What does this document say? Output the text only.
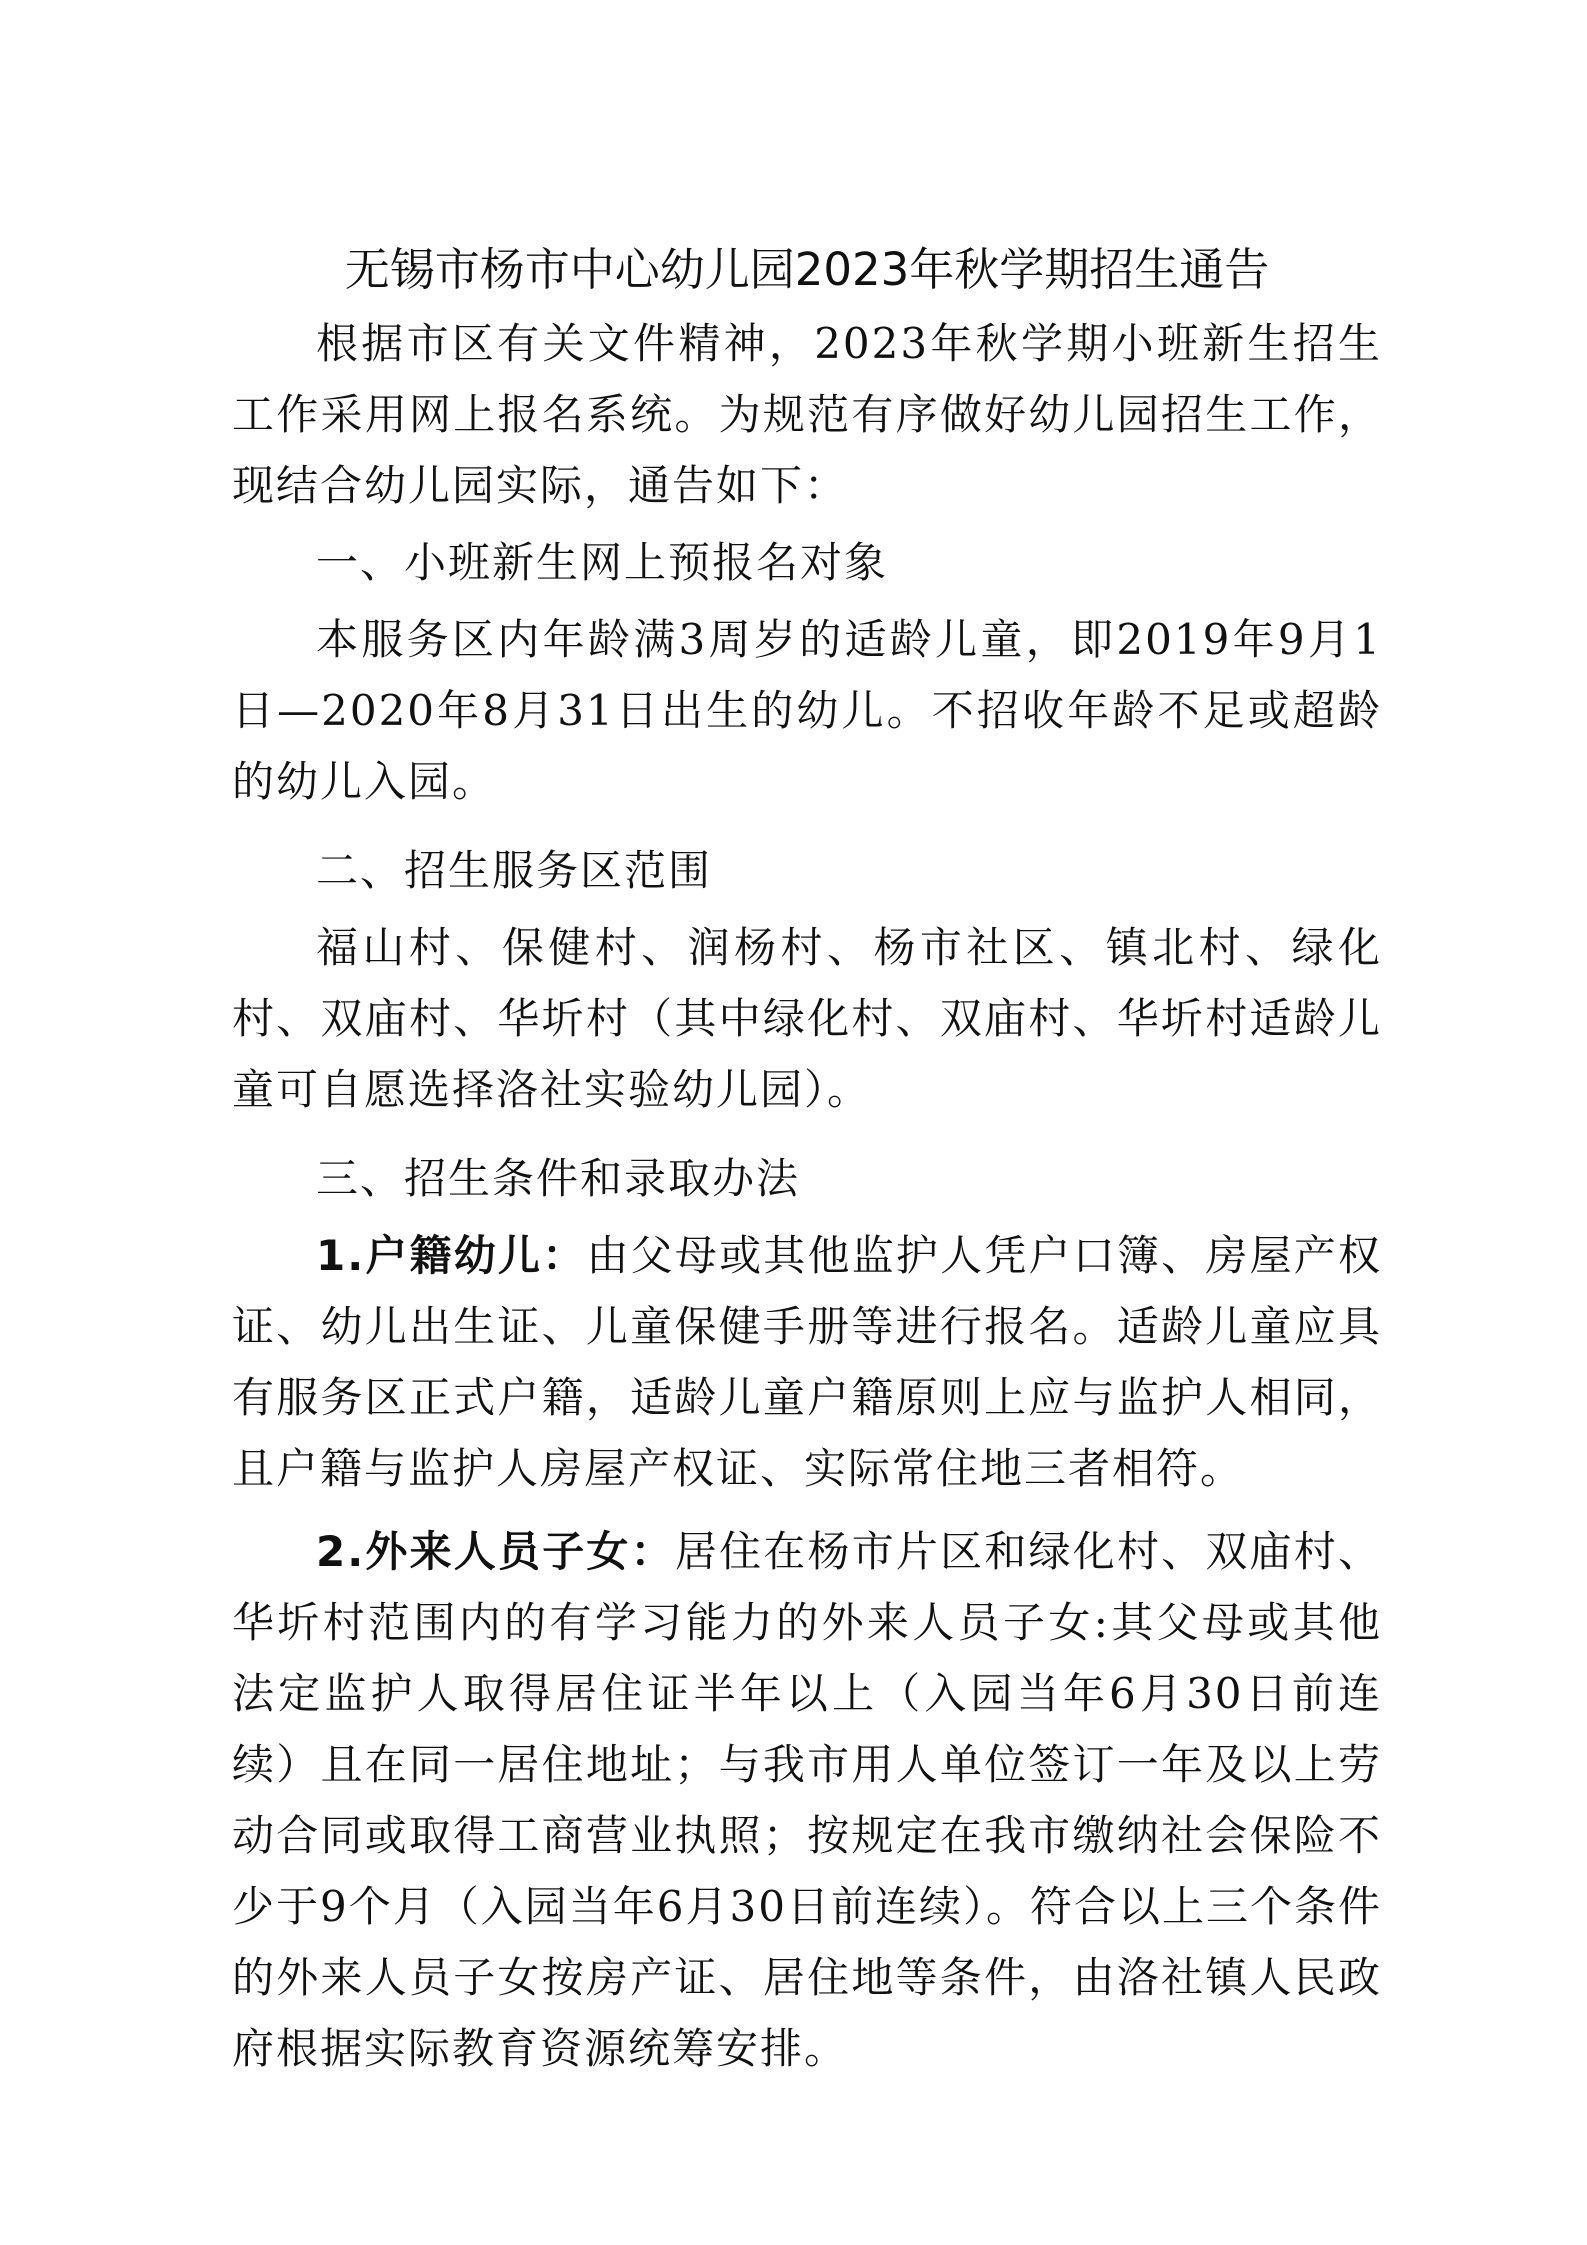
无锡市杨市中心幼儿园2023年秋学期招生通告

根据市区有关文件精神，2023年秋学期小班新生招生工作采用网上报名系统。为规范有序做好幼儿园招生工作，现结合幼儿园实际，通告如下：

一、小班新生网上预报名对象

本服务区内年龄满3周岁的适龄儿童，即2019年9月1日—2020年8月31日出生的幼儿。不招收年龄不足或超龄的幼儿入园。

二、招生服务区范围

福山村、保健村、润杨村、杨市社区、镇北村、绿化村、双庙村、华圻村（其中绿化村、双庙村、华圻村适龄儿童可自愿选择洛社实验幼儿园）。

三、招生条件和录取办法

1.户籍幼儿：由父母或其他监护人凭户口簿、房屋产权证、幼儿出生证、儿童保健手册等进行报名。适龄儿童应具有服务区正式户籍，适龄儿童户籍原则上应与监护人相同，且户籍与监护人房屋产权证、实际常住地三者相符。

2.外来人员子女：居住在杨市片区和绿化村、双庙村、华圻村范围内的有学习能力的外来人员子女:其父母或其他法定监护人取得居住证半年以上（入园当年6月30日前连续）且在同一居住地址；与我市用人单位签订一年及以上劳动合同或取得工商营业执照；按规定在我市缴纳社会保险不少于9个月（入园当年6月30日前连续）。符合以上三个条件的外来人员子女按房产证、居住地等条件，由洛社镇人民政府根据实际教育资源统筹安排。
